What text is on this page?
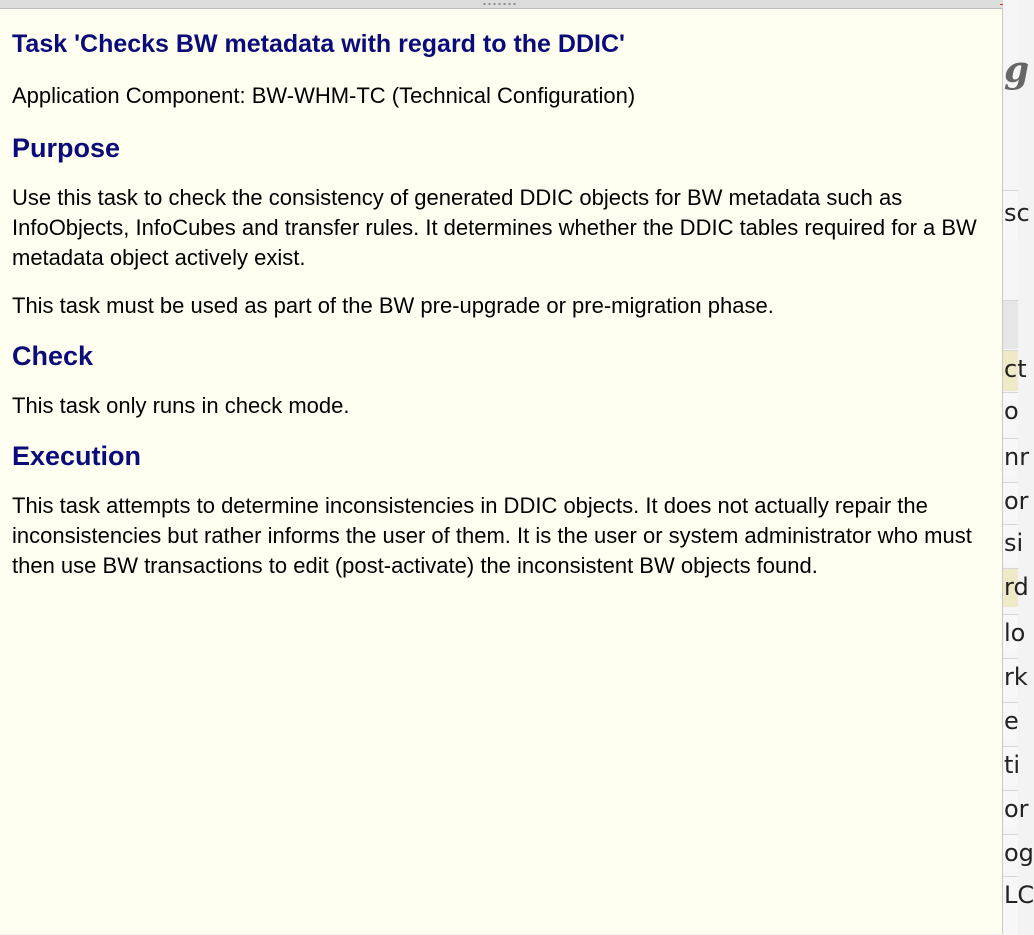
g
sc
ct
o
nr
or
si
rd
lo
rk
e
ti
or
og
LC
Task 'Checks BW metadata with regard to the DDIC'

Application Component: BW-WHM-TC (Technical Configuration)

Purpose

Use this task to check the consistency of generated DDIC objects for BW metadata such as InfoObjects, InfoCubes and transfer rules. It determines whether the DDIC tables required for a BW metadata object actively exist.

This task must be used as part of the BW pre-upgrade or pre-migration phase.

Check

This task only runs in check mode.

Execution

This task attempts to determine inconsistencies in DDIC objects. It does not actually repair the inconsistencies but rather informs the user of them. It is the user or system administrator who must then use BW transactions to edit (post-activate) the inconsistent BW objects found.
